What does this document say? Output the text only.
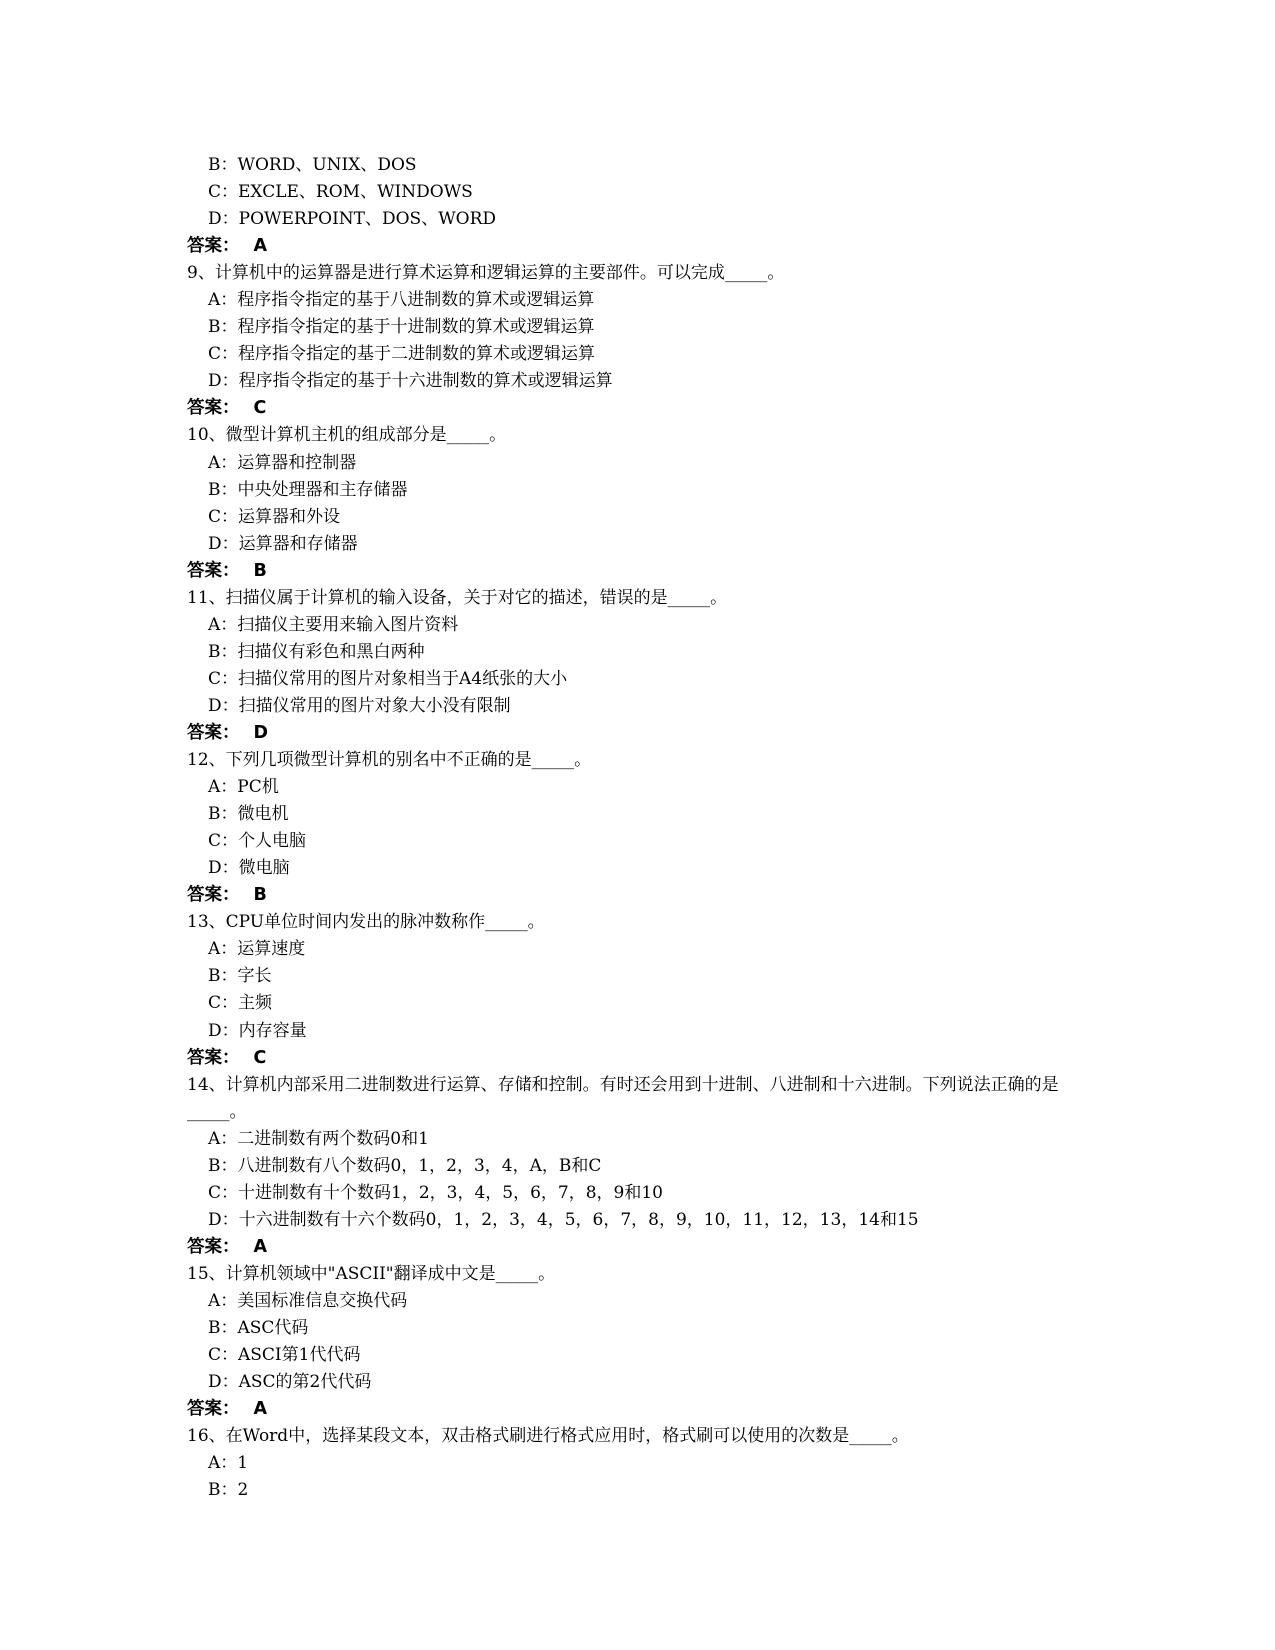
B：WORD、UNIX、DOS
C：EXCLE、ROM、WINDOWS
D：POWERPOINT、DOS、WORD
答案： A
9、计算机中的运算器是进行算术运算和逻辑运算的主要部件。可以完成_____。
A：程序指令指定的基于八进制数的算术或逻辑运算
B：程序指令指定的基于十进制数的算术或逻辑运算
C：程序指令指定的基于二进制数的算术或逻辑运算
D：程序指令指定的基于十六进制数的算术或逻辑运算
答案： C
10、微型计算机主机的组成部分是_____。
A：运算器和控制器
B：中央处理器和主存储器
C：运算器和外设
D：运算器和存储器
答案： B
11、扫描仪属于计算机的输入设备，关于对它的描述，错误的是_____。
A：扫描仪主要用来输入图片资料
B：扫描仪有彩色和黑白两种
C：扫描仪常用的图片对象相当于A4纸张的大小
D：扫描仪常用的图片对象大小没有限制
答案： D
12、下列几项微型计算机的别名中不正确的是_____。
A：PC机
B：微电机
C：个人电脑
D：微电脑
答案： B
13、CPU单位时间内发出的脉冲数称作_____。
A：运算速度
B：字长
C：主频
D：内存容量
答案： C
14、计算机内部采用二进制数进行运算、存储和控制。有时还会用到十进制、八进制和十六进制。下列说法正确的是_____。
A：二进制数有两个数码0和1
B：八进制数有八个数码0，1，2，3，4，A，B和C
C：十进制数有十个数码1，2，3，4，5，6，7，8，9和10
D：十六进制数有十六个数码0，1，2，3，4，5，6，7，8，9，10，11，12，13，14和15
答案： A
15、计算机领域中"ASCII"翻译成中文是_____。
A：美国标准信息交换代码
B：ASC代码
C：ASCI第1代代码
D：ASC的第2代代码
答案： A
16、在Word中，选择某段文本，双击格式刷进行格式应用时，格式刷可以使用的次数是_____。
A：1
B：2
